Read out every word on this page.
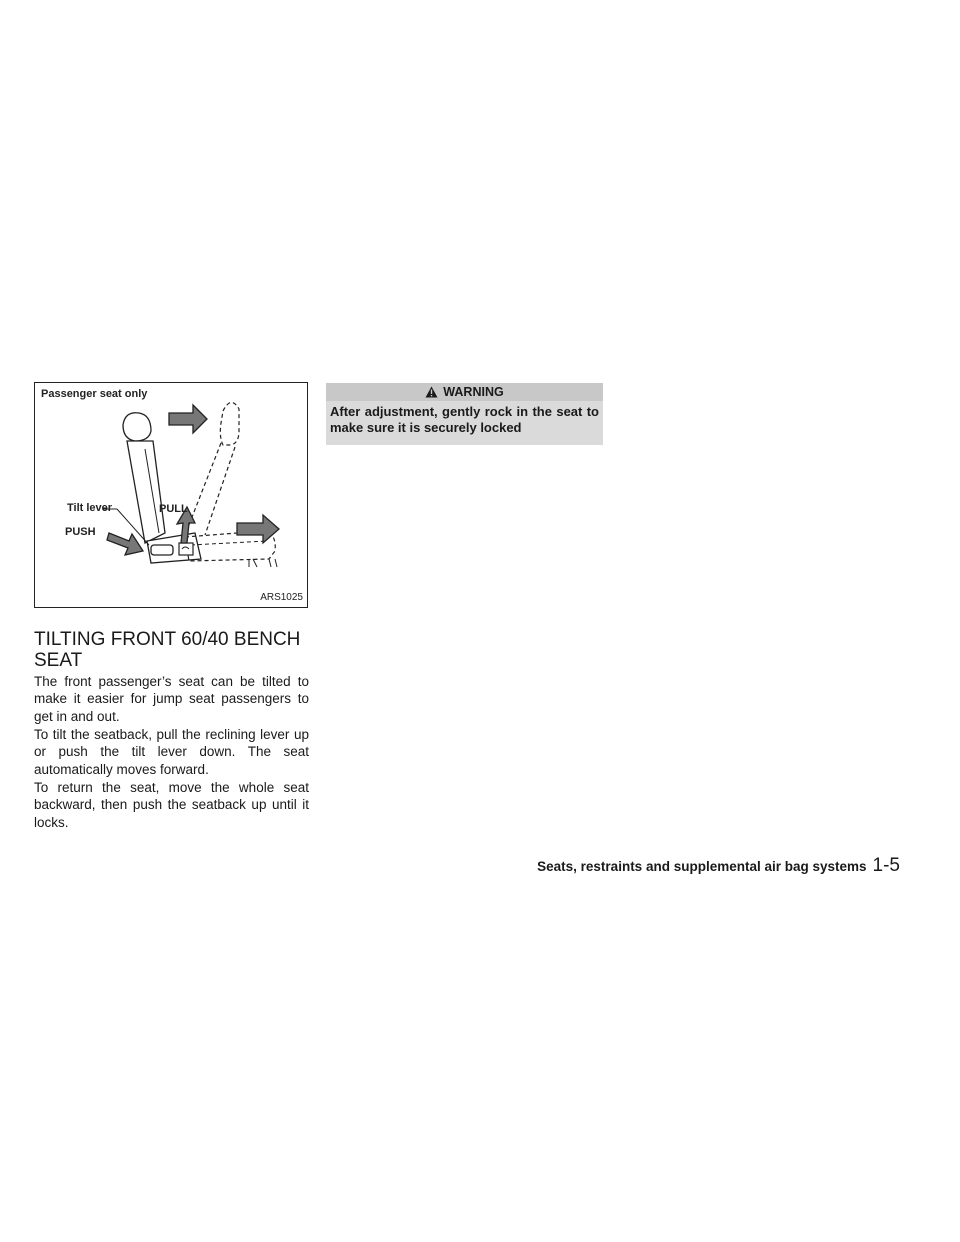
Passenger seat only
Tilt lever
PUSH
PULL
ARS1025
TILTING FRONT 60/40 BENCH SEAT

The front passenger’s seat can be tilted to make it easier for jump seat passengers to get in and out.

To tilt the seatback, pull the reclining lever up or push the tilt lever down. The seat automatically moves forward.

To return the seat, move the whole seat backward, then push the seatback up until it locks.

WARNING
After adjustment, gently rock in the seat to make sure it is securely locked
Seats, restraints and supplemental air bag systems 1-5
